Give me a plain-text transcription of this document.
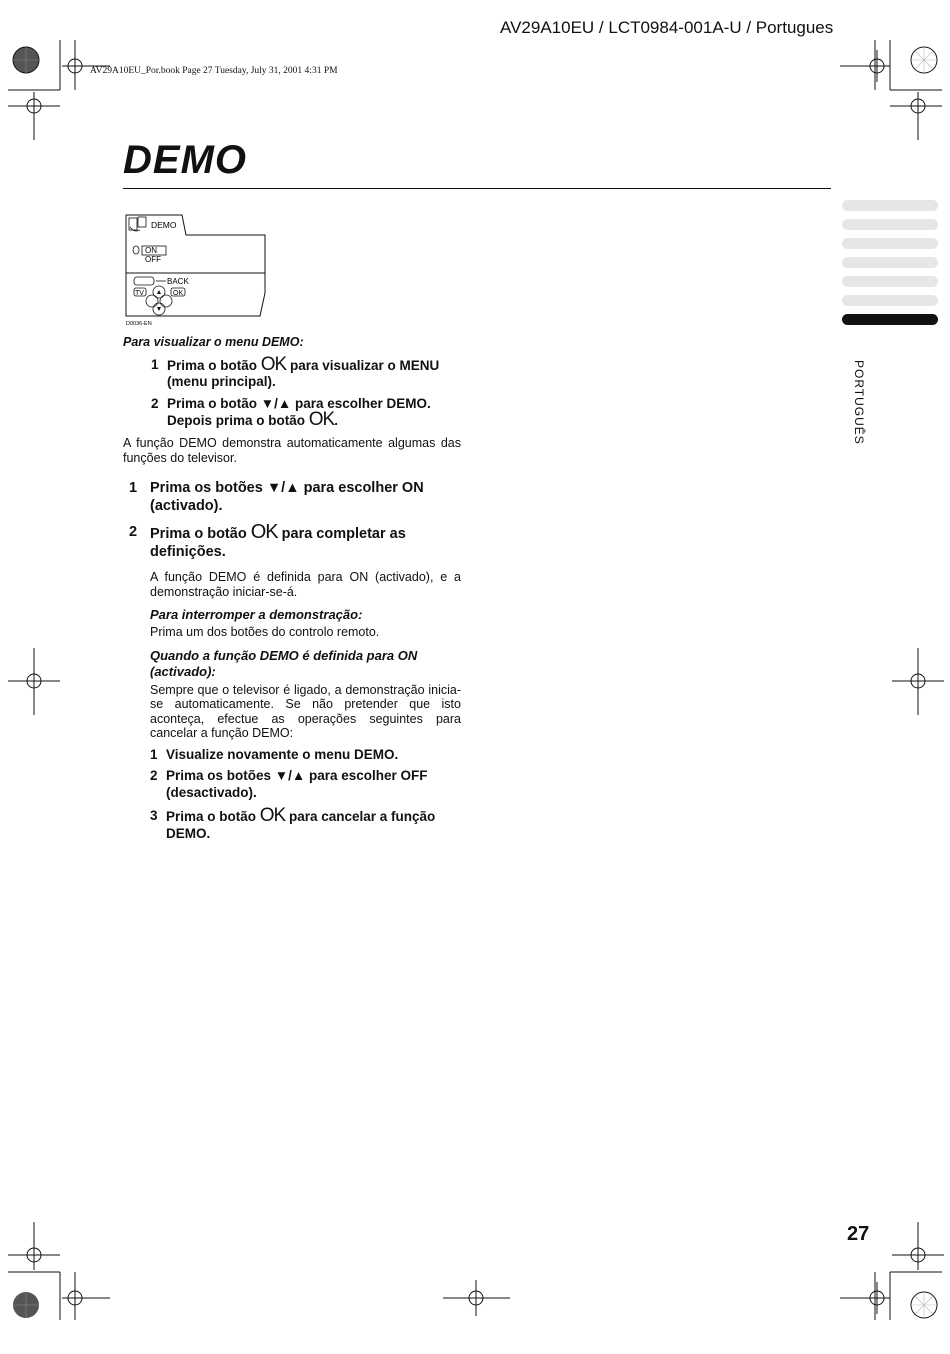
AV29A10EU / LCT0984-001A-U / Portugues
AV29A10EU_Por.book Page 27 Tuesday, July 31, 2001 4:31 PM
DEMO
PORTUGUÊS
DEMO
ON
OFF
BACK
TV	OK
D0036-EN

Para visualizar o menu DEMO:

1 Prima o botão OK para visualizar o MENU (menu principal).
2 Prima o botão ▼/▲ para escolher DEMO. Depois prima o botão OK.

A função DEMO demonstra automaticamente algumas das funções do televisor.

1 Prima os botões ▼/▲ para escolher ON (activado).
2 Prima o botão OK para completar as definições.

A função DEMO é definida para ON (activado), e a demonstração iniciar-se-á.

Para interromper a demonstração:

Prima um dos botões do controlo remoto.

Quando a função DEMO é definida para ON (activado):

Sempre que o televisor é ligado, a demonstração inicia-se automaticamente. Se não pretender que isto aconteça, efectue as operações seguintes para cancelar a função DEMO:

1 Visualize novamente o menu DEMO.
2 Prima os botões ▼/▲ para escolher OFF (desactivado).
3 Prima o botão OK para cancelar a função DEMO.
27
